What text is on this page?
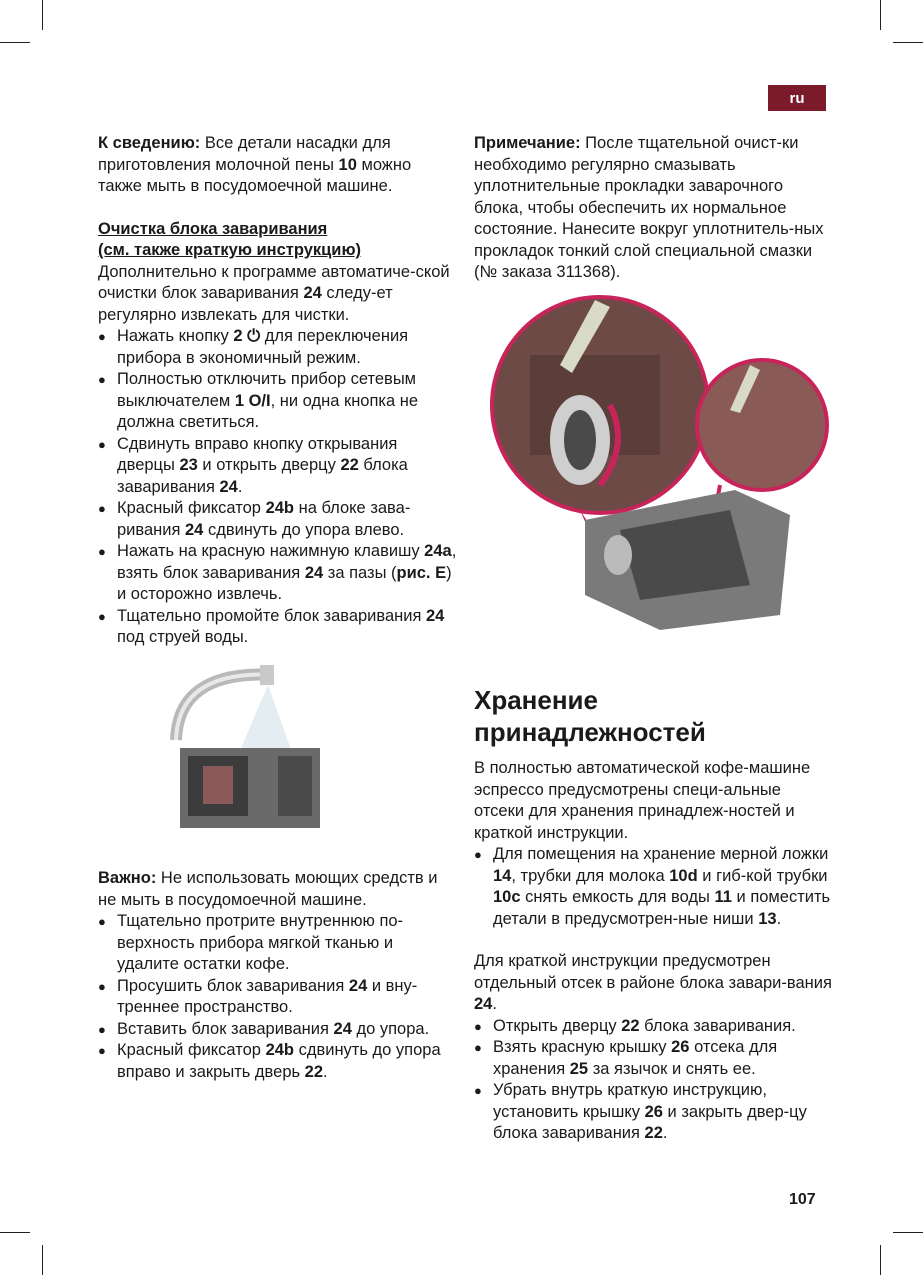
ru

К сведению: Все детали насадки для приготовления молочной пены 10 можно также мыть в посудомоечной машине.

Очистка блока заваривания

(см. также краткую инструкцию)

Дополнительно к программе автоматиче-ской очистки блок заваривания 24 следу-ет регулярно извлекать для чистки.

● Нажать кнопку 2 ⏻ для переключения прибора в экономичный режим.
● Полностью отключить прибор сетевым выключателем 1 O/I, ни одна кнопка не должна светиться.
● Сдвинуть вправо кнопку открывания дверцы 23 и открыть дверцу 22 блока заваривания 24.
● Красный фиксатор 24b на блоке зава-ривания 24 сдвинуть до упора влево.
● Нажать на красную нажимную клавишу 24a, взять блок заваривания 24 за пазы (рис. E) и осторожно извлечь.
● Тщательно промойте блок заваривания 24 под струей воды.

Важно: Не использовать моющих средств и не мыть в посудомоечной машине.

● Тщательно протрите внутреннюю по-верхность прибора мягкой тканью и удалите остатки кофе.
● Просушить блок заваривания 24 и вну-треннее пространство.
● Вставить блок заваривания 24 до упора.
● Красный фиксатор 24b сдвинуть до упора вправо и закрыть дверь 22.

Примечание: После тщательной очист-ки необходимо регулярно смазывать уплотнительные прокладки заварочного блока, чтобы обеспечить их нормальное состояние. Нанесите вокруг уплотнитель-ных прокладок тонкий слой специальной смазки (№ заказа 311368).

Хранение принадлежностей

В полностью автоматической кофе-машине эспрессо предусмотрены специ-альные отсеки для хранения принадлеж-ностей и краткой инструкции.

● Для помещения на хранение мерной ложки 14, трубки для молока 10d и гиб-кой трубки 10c снять емкость для воды 11 и поместить детали в предусмотрен-ные ниши 13.

Для краткой инструкции предусмотрен отдельный отсек в районе блока завари-вания 24.

● Открыть дверцу 22 блока заваривания.
● Взять красную крышку 26 отсека для хранения 25 за язычок и снять ее.
● Убрать внутрь краткую инструкцию, установить крышку 26 и закрыть двер-цу блока заваривания 22.
107
